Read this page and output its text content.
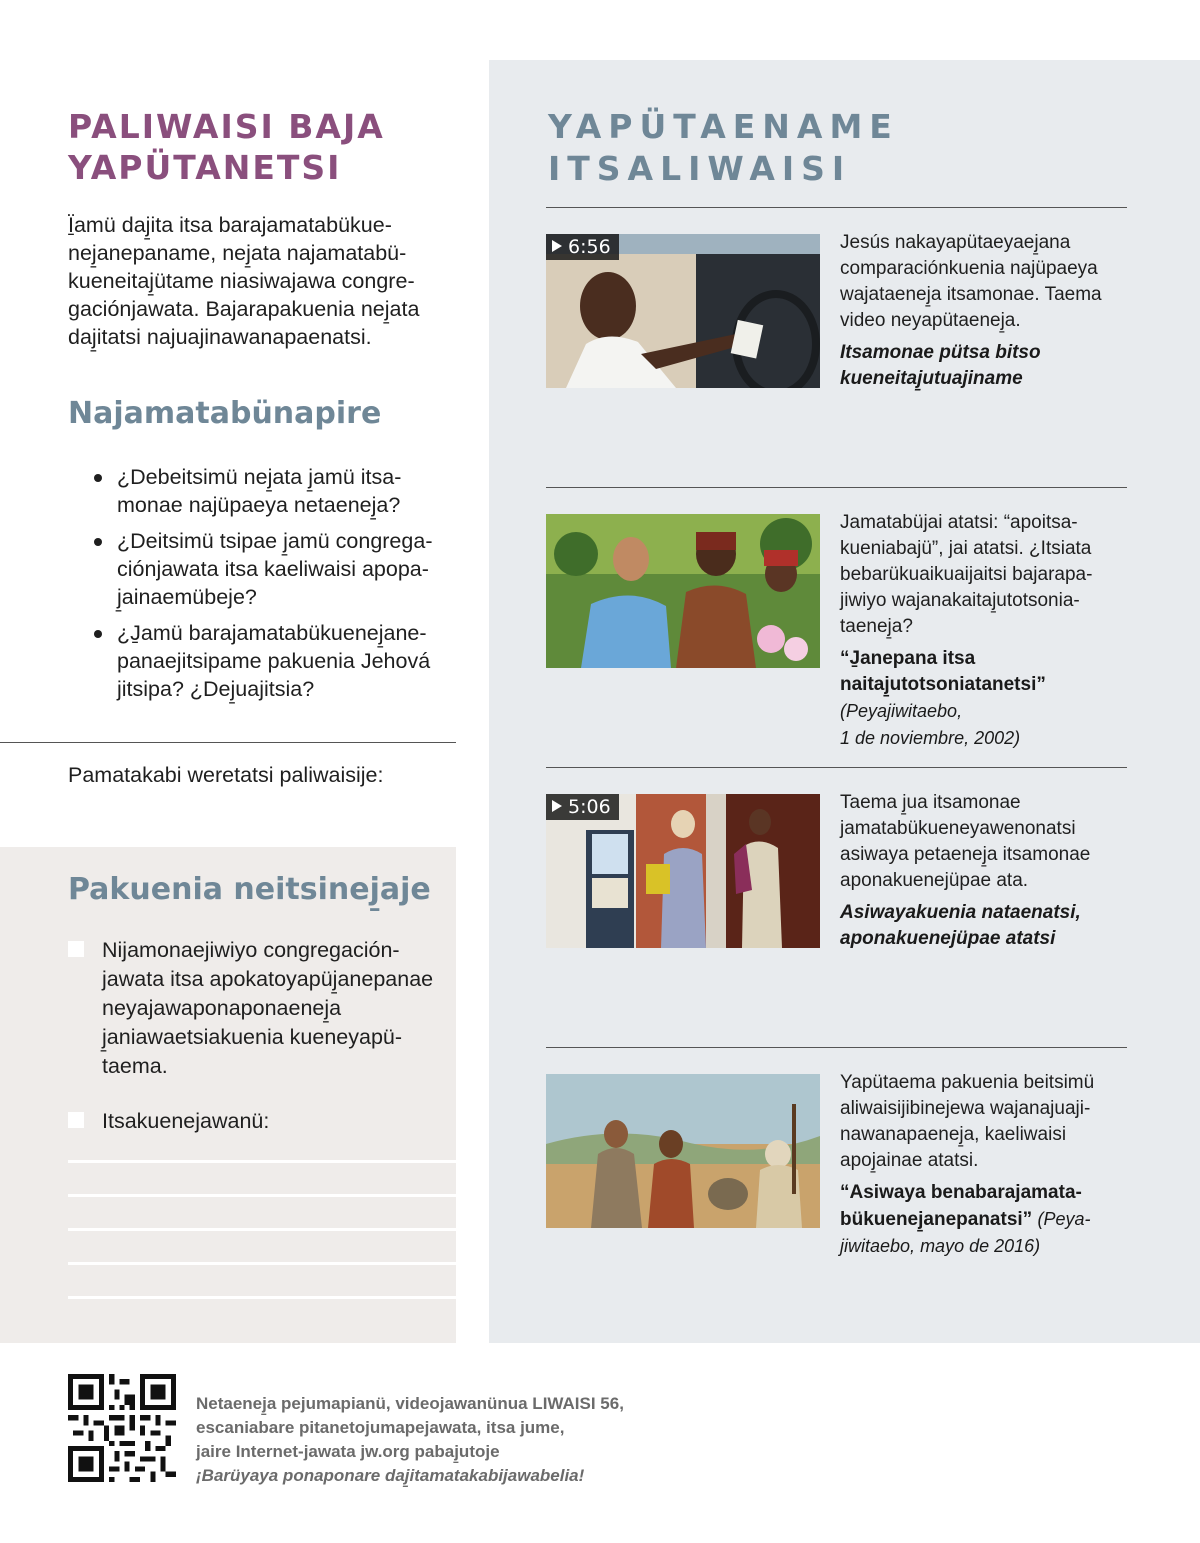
PALIWAISI BAJA YAPÜTANETSI

Ï̱amü daj̱ita itsa barajamatabükuenej̱anepaname, nej̱ata najamatabükueneitaj̱ütame niasiwajawa congregaciónjawata. Bajarapakuenia nej̱ata daj̱itatsi najuajinawanapaenatsi.

Najamatabünapire
¿Debeitsimü nej̱ata j̱amü itsamonae najüpaeya netaenej̱a?
¿Deitsimü tsipae j̱amü congregaciónjawata itsa kaeliwaisi apopaj̱ainaemübeje?
¿J̱amü barajamatabükuenej̱anepanaejitsipame pakuenia Jehová jitsipa? ¿Dej̱uajitsia?
Pamatakabi weretatsi paliwaisije:
Pakuenia neitsinej̱aje
Nijamonaejiwiyo congregaciónjawata itsa apokatoyapüj̱anepanae neyajawaponaponaenej̱a j̱aniawaetsiakuenia kueneyapütaema.
Itsakuenejawanü:
YAPÜTAENAME
ITSALIWAISI
6:56	Jesús nakayapütaeyaej̱ana comparaciónkuenia najüpaeya wajataenej̱a itsamonae. Taema video neyapütaenej̱a.

Itsamonae pütsa bitso kueneitaj̱utuajiname

Jamatabüjai atatsi: “apoitsakueniabajü”, jai atatsi. ¿Itsiata bebarükuaikuaijaitsi bajarapajiwiyo wajanakaitaj̱utotsoniataenej̱a?

“J̱anepana itsa naitaj̱utotsoniatanetsi” (Peyajiwitaebo,
1 de noviembre, 2002)

5:06	Taema j̱ua itsamonae jamatabükueneyawenonatsi asiwaya petaenej̱a itsamonae aponakuenejüpae ata.

Asiwayakuenia nataenatsi, aponakuenejüpae atatsi

Yapütaema pakuenia beitsimü aliwaisijibinejewa wajanajuajinawanapaenej̱a, kaeliwaisi apoj̱ainae atatsi.

“Asiwaya benabarajamatabükuenej̱anepanatsi” (Peyajiwitaebo, mayo de 2016)

Netaenej̱a pejumapianü, videojawanünua LIWAISI 56,
escaniabare pitanetojumapejawata, itsa jume,
jaire Internet-jawata jw.org pabaj̱utoje
¡Barüyaya ponaponare daj̱itamatakabijawabelia!
